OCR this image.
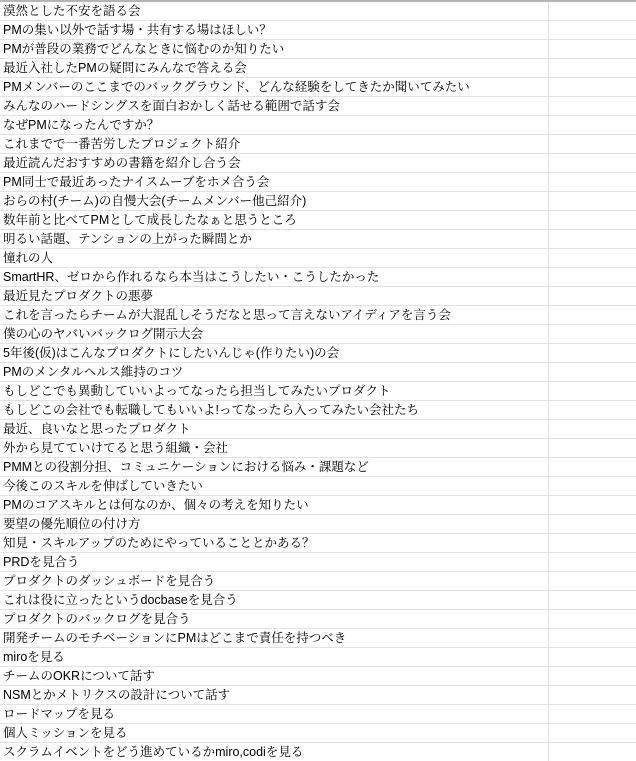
漠然とした不安を語る会
PMの集い以外で話す場・共有する場はほしい？
PMが普段の業務でどんなときに悩むのか知りたい
最近入社したPMの疑問にみんなで答える会
PMメンバーのここまでのバックグラウンド、どんな経験をしてきたか聞いてみたい
みんなのハードシングスを面白おかしく話せる範囲で話す会
なぜPMになったんですか？
これまでで一番苦労したプロジェクト紹介
最近読んだおすすめの書籍を紹介し合う会
PM同士で最近あったナイスムーブをホメ合う会
おらの村(チーム)の自慢大会(チームメンバー他己紹介)
数年前と比べてPMとして成長したなぁと思うところ
明るい話題、テンションの上がった瞬間とか
憧れの人
SmartHR、ゼロから作れるなら本当はこうしたい・こうしたかった
最近見たプロダクトの悪夢
これを言ったらチームが大混乱しそうだなと思って言えないアイディアを言う会
僕の心のヤバいバックログ開示大会
5年後(仮)はこんなプロダクトにしたいんじゃ(作りたい)の会
PMのメンタルヘルス維持のコツ
もしどこでも異動していいよってなったら担当してみたいプロダクト
もしどこの会社でも転職してもいいよ!ってなったら入ってみたい会社たち
最近、良いなと思ったプロダクト
外から見てていけてると思う組織・会社
PMMとの役割分担、コミュニケーションにおける悩み・課題など
今後このスキルを伸ばしていきたい
PMのコアスキルとは何なのか、個々の考えを知りたい
要望の優先順位の付け方
知見・スキルアップのためにやっていることとかある？
PRDを見合う
プロダクトのダッシュボードを見合う
これは役に立ったというdocbaseを見合う
プロダクトのバックログを見合う
開発チームのモチベーションにPMはどこまで責任を持つべき
miroを見る
チームのOKRについて話す
NSMとかメトリクスの設計について話す
ロードマップを見る
個人ミッションを見る
スクラムイベントをどう進めているかmiro,codiを見る
